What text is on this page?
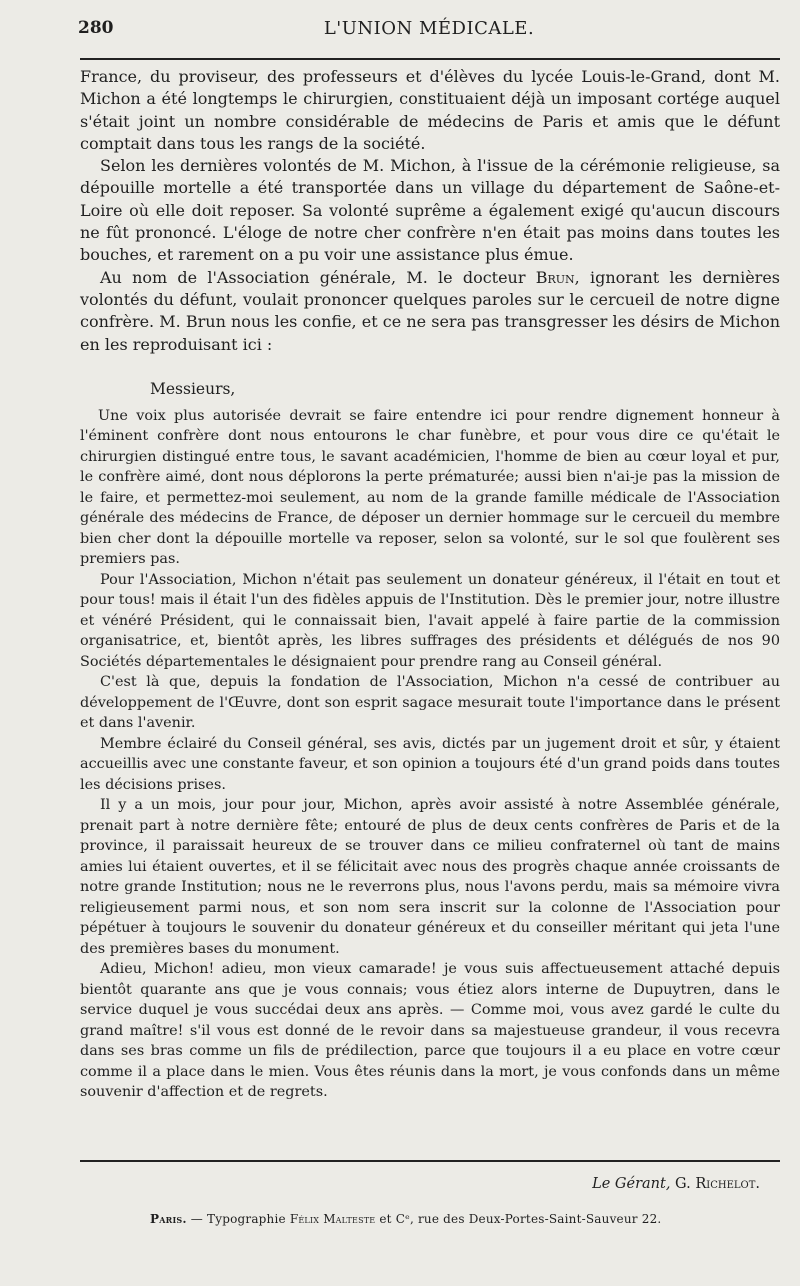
280	L'UNION MÉDICALE.

France, du proviseur, des professeurs et d'élèves du lycée Louis-le-Grand, dont M. Michon a été longtemps le chirurgien, constituaient déjà un imposant cortége auquel s'était joint un nombre considérable de médecins de Paris et amis que le défunt comptait dans tous les rangs de la société.

Selon les dernières volontés de M. Michon, à l'issue de la cérémonie religieuse, sa dépouille mortelle a été transportée dans un village du département de Saône-et-Loire où elle doit reposer. Sa volonté suprême a également exigé qu'aucun discours ne fût prononcé. L'éloge de notre cher confrère n'en était pas moins dans toutes les bouches, et rarement on a pu voir une assistance plus émue.

Au nom de l'Association générale, M. le docteur Brun, ignorant les dernières volontés du défunt, voulait prononcer quelques paroles sur le cercueil de notre digne confrère. M. Brun nous les confie, et ce ne sera pas transgresser les désirs de Michon en les reproduisant ici :

Messieurs,

Une voix plus autorisée devrait se faire entendre ici pour rendre dignement honneur à l'éminent confrère dont nous entourons le char funèbre, et pour vous dire ce qu'était le chirurgien distingué entre tous, le savant académicien, l'homme de bien au cœur loyal et pur, le confrère aimé, dont nous déplorons la perte prématurée; aussi bien n'ai-je pas la mission de le faire, et permettez-moi seulement, au nom de la grande famille médicale de l'Association générale des médecins de France, de déposer un dernier hommage sur le cercueil du membre bien cher dont la dépouille mortelle va reposer, selon sa volonté, sur le sol que foulèrent ses premiers pas.

Pour l'Association, Michon n'était pas seulement un donateur généreux, il l'était en tout et pour tous! mais il était l'un des fidèles appuis de l'Institution. Dès le premier jour, notre illustre et vénéré Président, qui le connaissait bien, l'avait appelé à faire partie de la commission organisatrice, et, bientôt après, les libres suffrages des présidents et délégués de nos 90 Sociétés départementales le désignaient pour prendre rang au Conseil général.

C'est là que, depuis la fondation de l'Association, Michon n'a cessé de contribuer au développement de l'Œuvre, dont son esprit sagace mesurait toute l'importance dans le présent et dans l'avenir.

Membre éclairé du Conseil général, ses avis, dictés par un jugement droit et sûr, y étaient accueillis avec une constante faveur, et son opinion a toujours été d'un grand poids dans toutes les décisions prises.

Il y a un mois, jour pour jour, Michon, après avoir assisté à notre Assemblée générale, prenait part à notre dernière fête; entouré de plus de deux cents confrères de Paris et de la province, il paraissait heureux de se trouver dans ce milieu confraternel où tant de mains amies lui étaient ouvertes, et il se félicitait avec nous des progrès chaque année croissants de notre grande Institution; nous ne le reverrons plus, nous l'avons perdu, mais sa mémoire vivra religieusement parmi nous, et son nom sera inscrit sur la colonne de l'Association pour pépétuer à toujours le souvenir du donateur généreux et du conseiller méritant qui jeta l'une des premières bases du monument.

Adieu, Michon! adieu, mon vieux camarade! je vous suis affectueusement attaché depuis bientôt quarante ans que je vous connais; vous étiez alors interne de Dupuytren, dans le service duquel je vous succédai deux ans après. — Comme moi, vous avez gardé le culte du grand maître! s'il vous est donné de le revoir dans sa majestueuse grandeur, il vous recevra dans ses bras comme un fils de prédilection, parce que toujours il a eu place en votre cœur comme il a place dans le mien. Vous êtes réunis dans la mort, je vous confonds dans un même souvenir d'affection et de regrets.

Le Gérant, G. Richelot.
Paris. — Typographie Félix Malteste et Cᵉ, rue des Deux-Portes-Saint-Sauveur 22.
